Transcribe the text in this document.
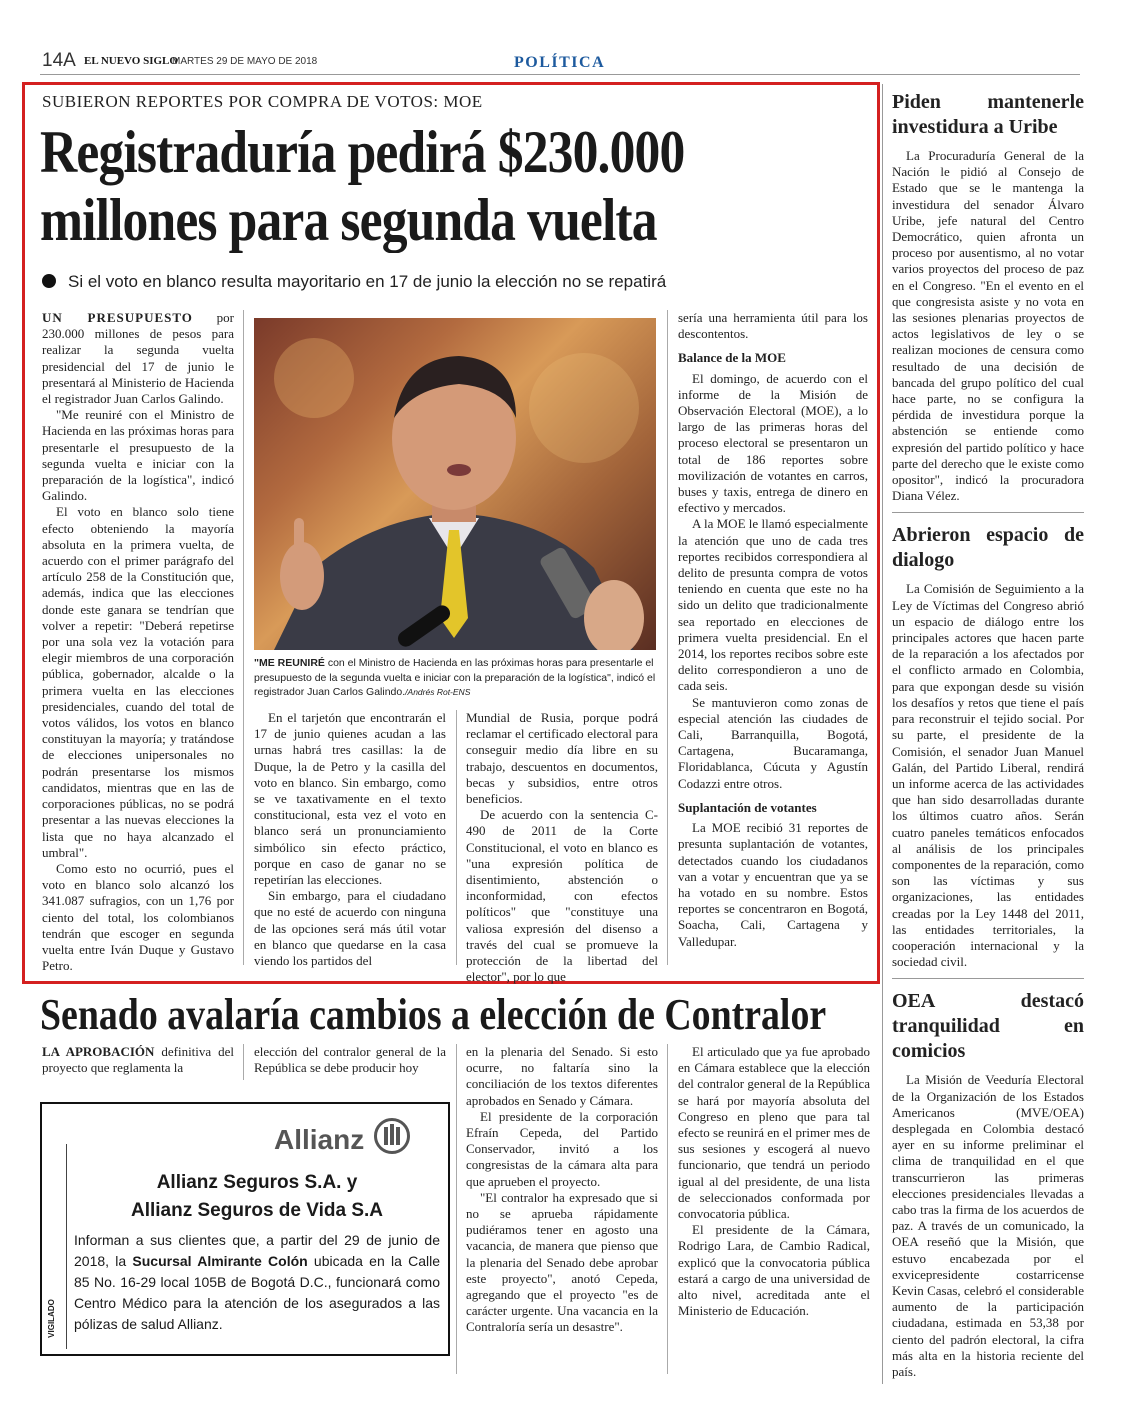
14A EL NUEVO SIGLO
MARTES 29 DE MAYO DE 2018	POLÍTICA
SUBIERON REPORTES POR COMPRA DE VOTOS: MOE
Registraduría pedirá $230.000
millones para segunda vuelta
Si el voto en blanco resulta mayoritario en 17 de junio la elección no se repatirá

UN PRESUPUESTO por 230.000 millones de pesos para realizar la segunda vuelta presidencial del 17 de junio le presentará al Ministerio de Hacienda el registrador Juan Carlos Galindo.

"Me reuniré con el Ministro de Hacienda en las próximas horas para presentarle el presupuesto de la segunda vuelta e iniciar con la preparación de la logística", indicó Galindo.

El voto en blanco solo tiene efecto obteniendo la mayoría absoluta en la primera vuelta, de acuerdo con el primer parágrafo del artículo 258 de la Constitución que, además, indica que las elecciones donde este ganara se tendrían que volver a repetir: "Deberá repetirse por una sola vez la votación para elegir miembros de una corporación pública, gobernador, alcalde o la primera vuelta en las elecciones presidenciales, cuando del total de votos válidos, los votos en blanco constituyan la mayoría; y tratándose de elecciones unipersonales no podrán presentarse los mismos candidatos, mientras que en las de corporaciones públicas, no se podrá presentar a las nuevas elecciones la lista que no haya alcanzado el umbral".

Como esto no ocurrió, pues el voto en blanco solo alcanzó los 341.087 sufragios, con un 1,76 por ciento del total, los colombianos tendrán que escoger en segunda vuelta entre Iván Duque y Gustavo Petro.

"ME REUNIRÉ con el Ministro de Hacienda en las próximas horas para presentarle el presupuesto de la segunda vuelta e iniciar con la preparación de la logística", indicó el registrador Juan Carlos Galindo./Andrés Rot-ENS

En el tarjetón que encontrarán el 17 de junio quienes acudan a las urnas habrá tres casillas: la de Duque, la de Petro y la casilla del voto en blanco. Sin embargo, como se ve taxativamente en el texto constitucional, esta vez el voto en blanco será un pronunciamiento simbólico sin efecto práctico, porque en caso de ganar no se repetirían las elecciones.

Sin embargo, para el ciudadano que no esté de acuerdo con ninguna de las opciones será más útil votar en blanco que quedarse en la casa viendo los partidos del

Mundial de Rusia, porque podrá reclamar el certificado electoral para conseguir medio día libre en su trabajo, descuentos en documentos, becas y subsidios, entre otros beneficios.

De acuerdo con la sentencia C-490 de 2011 de la Corte Constitucional, el voto en blanco es "una expresión política de disentimiento, abstención o inconformidad, con efectos políticos" que "constituye una valiosa expresión del disenso a través del cual se promueve la protección de la libertad del elector", por lo que

sería una herramienta útil para los descontentos.

Balance de la MOE

El domingo, de acuerdo con el informe de la Misión de Observación Electoral (MOE), a lo largo de las primeras horas del proceso electoral se presentaron un total de 186 reportes sobre movilización de votantes en carros, buses y taxis, entrega de dinero en efectivo y mercados.

A la MOE le llamó especialmente la atención que uno de cada tres reportes recibidos correspondiera al delito de presunta compra de votos teniendo en cuenta que este no ha sido un delito que tradicionalmente sea reportado en elecciones de primera vuelta presidencial. En el 2014, los reportes recibos sobre este delito correspondieron a uno de cada seis.

Se mantuvieron como zonas de especial atención las ciudades de Cali, Barranquilla, Bogotá, Cartagena, Bucaramanga, Floridablanca, Cúcuta y Agustín Codazzi entre otros.

Suplantación de votantes

La MOE recibió 31 reportes de presunta suplantación de votantes, detectados cuando los ciudadanos van a votar y encuentran que ya se ha votado en su nombre. Estos reportes se concentraron en Bogotá, Soacha, Cali, Cartagena y Valledupar.

Piden mantenerle investidura a Uribe

La Procuraduría General de la Nación le pidió al Consejo de Estado que se le mantenga la investidura del senador Álvaro Uribe, jefe natural del Centro Democrático, quien afronta un proceso por ausentismo, al no votar varios proyectos del proceso de paz en el Congreso. "En el evento en el que congresista asiste y no vota en las sesiones plenarias proyectos de actos legislativos de ley o se realizan mociones de censura como resultado de una decisión de bancada del grupo político del cual hace parte, no se configura la pérdida de investidura porque la abstención se entiende como expresión del partido político y hace parte del derecho que le existe como opositor", indicó la procuradora Diana Vélez.

Abrieron espacio de dialogo

La Comisión de Seguimiento a la Ley de Víctimas del Congreso abrió un espacio de diálogo entre los principales actores que hacen parte de la reparación a los afectados por el conflicto armado en Colombia, para que expongan desde su visión los desafíos y retos que tiene el país para reconstruir el tejido social. Por su parte, el presidente de la Comisión, el senador Juan Manuel Galán, del Partido Liberal, rendirá un informe acerca de las actividades que han sido desarrolladas durante los últimos cuatro años. Serán cuatro paneles temáticos enfocados al análisis de los principales componentes de la reparación, como son las víctimas y sus organizaciones, las entidades creadas por la Ley 1448 del 2011, las entidades territoriales, la cooperación internacional y la sociedad civil.

OEA destacó tranquilidad en comicios

La Misión de Veeduría Electoral de la Organización de los Estados Americanos (MVE/OEA) desplegada en Colombia destacó ayer en su informe preliminar el clima de tranquilidad en el que transcurrieron las primeras elecciones presidenciales llevadas a cabo tras la firma de los acuerdos de paz. A través de un comunicado, la OEA reseñó que la Misión, que estuvo encabezada por el exvicepresidente costarricense Kevin Casas, celebró el considerable aumento de la participación ciudadana, estimada en 53,38 por ciento del padrón electoral, la cifra más alta en la historia reciente del país.

Senado avalaría cambios a elección de Contralor

LA APROBACIÓN definitiva del proyecto que reglamenta la

elección del contralor general de la República se debe producir hoy

en la plenaria del Senado. Si esto ocurre, no faltaría sino la conciliación de los textos diferentes aprobados en Senado y Cámara.

El presidente de la corporación Efraín Cepeda, del Partido Conservador, invitó a los congresistas de la cámara alta para que aprueben el proyecto.

"El contralor ha expresado que si no se aprueba rápidamente pudiéramos tener en agosto una vacancia, de manera que pienso que la plenaria del Senado debe aprobar este proyecto", anotó Cepeda, agregando que el proyecto "es de carácter urgente. Una vacancia en la Contraloría sería un desastre".

El articulado que ya fue aprobado en Cámara establece que la elección del contralor general de la República se hará por mayoría absoluta del Congreso en pleno que para tal efecto se reunirá en el primer mes de sus sesiones y escogerá al nuevo funcionario, que tendrá un periodo igual al del presidente, de una lista de seleccionados conformada por convocatoria pública.

El presidente de la Cámara, Rodrigo Lara, de Cambio Radical, explicó que la convocatoria pública estará a cargo de una universidad de alto nivel, acreditada ante el Ministerio de Educación.

VIGILADO
Allianz
Allianz Seguros S.A. y
Allianz Seguros de Vida S.A
Informan a sus clientes que, a partir del 29 de junio de 2018, la Sucursal Almirante Colón ubicada en la Calle 85 No. 16-29 local 105B de Bogotá D.C., funcionará como Centro Médico para la atención de los asegurados a las pólizas de salud Allianz.
